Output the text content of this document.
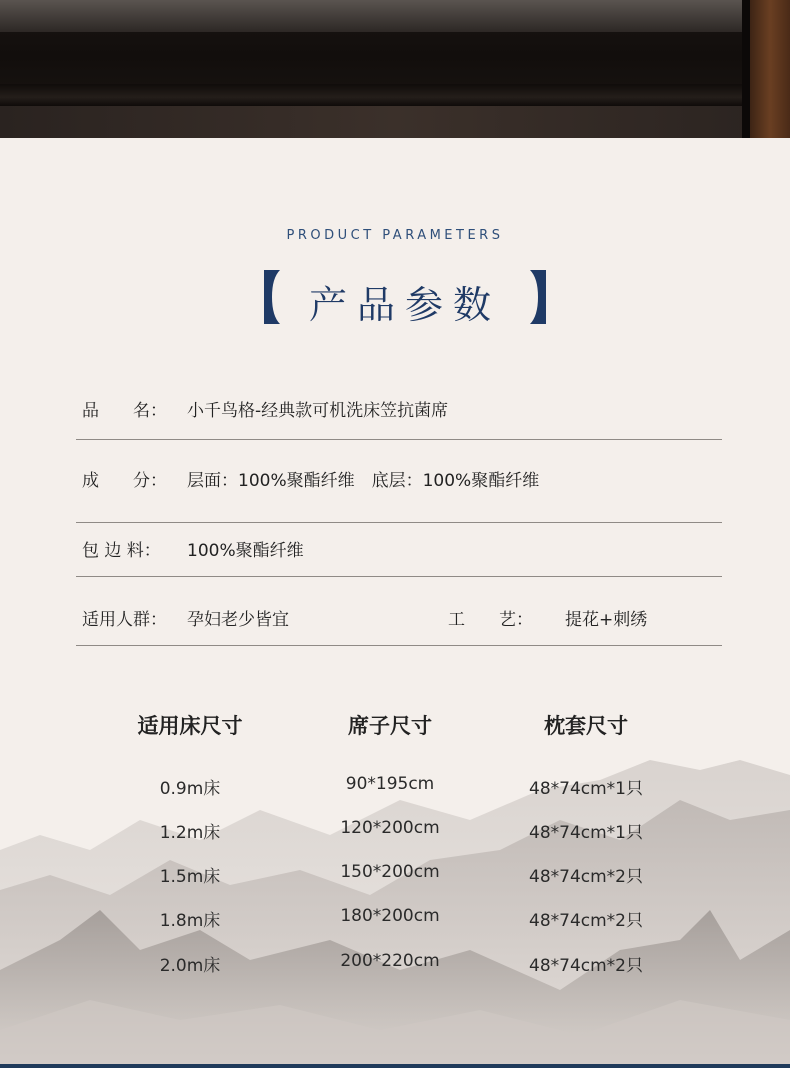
PRODUCT PARAMETERS
产品参数
品　　名： 小千鸟格-经典款可机洗床笠抗菌席
成　　分： 层面：100%聚酯纤维　底层：100%聚酯纤维
包 边 料： 100%聚酯纤维
适用人群： 孕妇老少皆宜	工　　艺： 提花+刺绣
适用床尺寸	席子尺寸	枕套尺寸
0.9m床	90*195cm	48*74cm*1只
1.2m床	120*200cm	48*74cm*1只
1.5m床	150*200cm	48*74cm*2只
1.8m床	180*200cm	48*74cm*2只
2.0m床	200*220cm	48*74cm*2只
